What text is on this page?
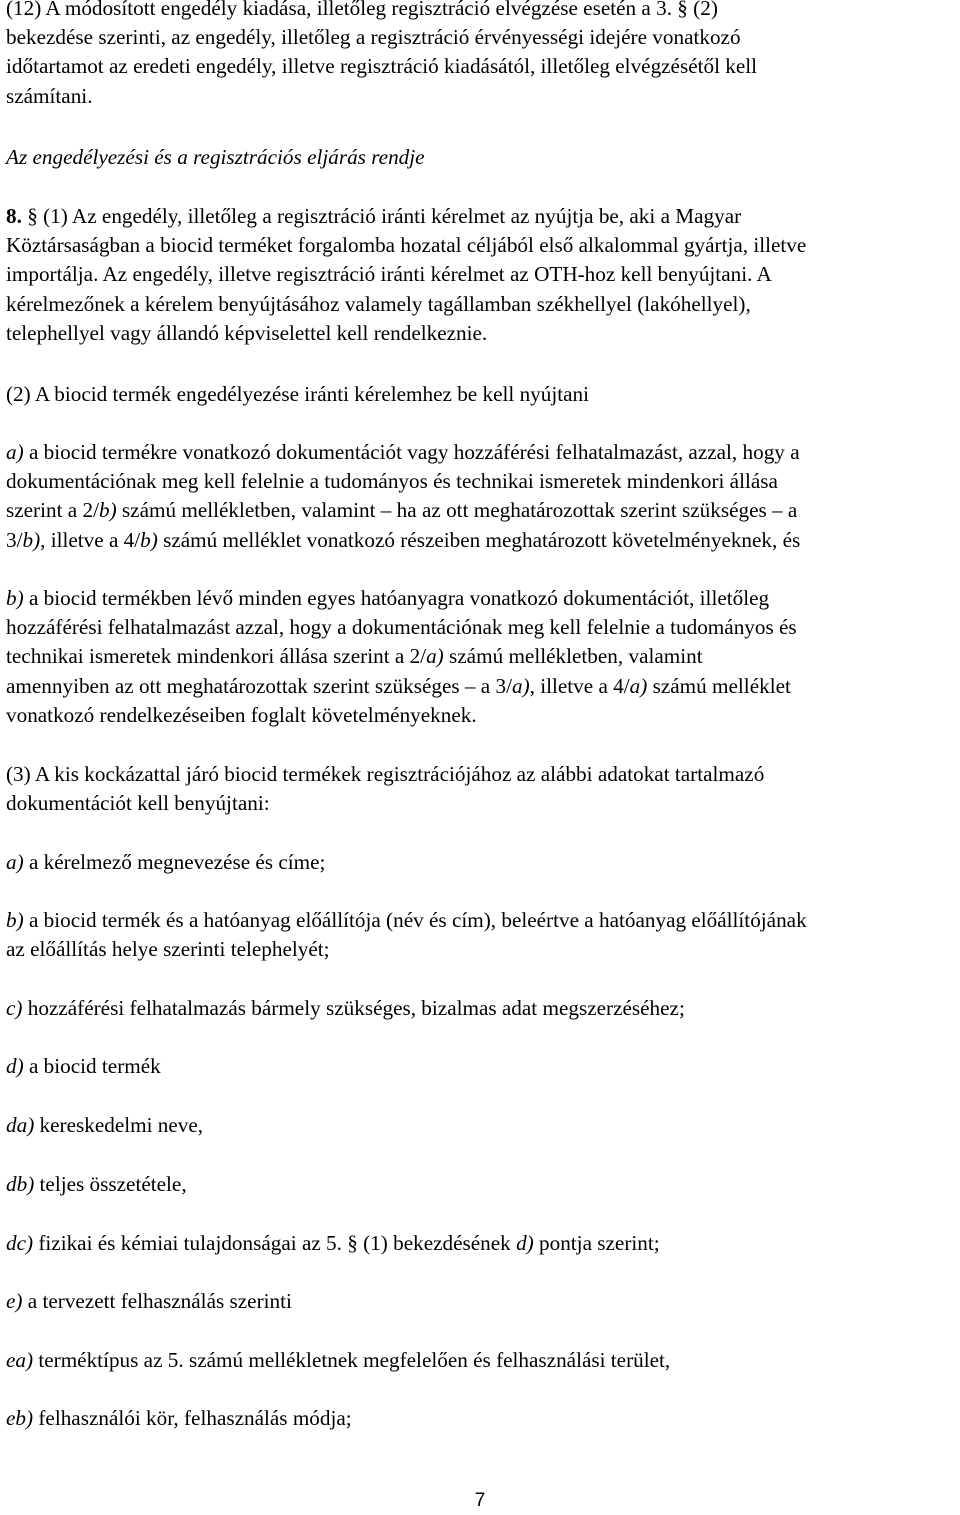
(12) A módosított engedély kiadása, illetőleg regisztráció elvégzése esetén a 3. § (2)

bekezdése szerinti, az engedély, illetőleg a regisztráció érvényességi idejére vonatkozó

időtartamot az eredeti engedély, illetve regisztráció kiadásától, illetőleg elvégzésétől kell

számítani.

Az engedélyezési és a regisztrációs eljárás rendje

8. § (1) Az engedély, illetőleg a regisztráció iránti kérelmet az nyújtja be, aki a Magyar

Köztársaságban a biocid terméket forgalomba hozatal céljából első alkalommal gyártja, illetve

importálja. Az engedély, illetve regisztráció iránti kérelmet az OTH-hoz kell benyújtani. A

kérelmezőnek a kérelem benyújtásához valamely tagállamban székhellyel (lakóhellyel),

telephellyel vagy állandó képviselettel kell rendelkeznie.

(2) A biocid termék engedélyezése iránti kérelemhez be kell nyújtani

a) a biocid termékre vonatkozó dokumentációt vagy hozzáférési felhatalmazást, azzal, hogy a

dokumentációnak meg kell felelnie a tudományos és technikai ismeretek mindenkori állása

szerint a 2/b) számú mellékletben, valamint – ha az ott meghatározottak szerint szükséges – a

3/b), illetve a 4/b) számú melléklet vonatkozó részeiben meghatározott követelményeknek, és

b) a biocid termékben lévő minden egyes hatóanyagra vonatkozó dokumentációt, illetőleg

hozzáférési felhatalmazást azzal, hogy a dokumentációnak meg kell felelnie a tudományos és

technikai ismeretek mindenkori állása szerint a 2/a) számú mellékletben, valamint

amennyiben az ott meghatározottak szerint szükséges – a 3/a), illetve a 4/a) számú melléklet

vonatkozó rendelkezéseiben foglalt követelményeknek.

(3) A kis kockázattal járó biocid termékek regisztrációjához az alábbi adatokat tartalmazó

dokumentációt kell benyújtani:

a) a kérelmező megnevezése és címe;

b) a biocid termék és a hatóanyag előállítója (név és cím), beleértve a hatóanyag előállítójának

az előállítás helye szerinti telephelyét;

c) hozzáférési felhatalmazás bármely szükséges, bizalmas adat megszerzéséhez;

d) a biocid termék

da) kereskedelmi neve,

db) teljes összetétele,

dc) fizikai és kémiai tulajdonságai az 5. § (1) bekezdésének d) pontja szerint;

e) a tervezett felhasználás szerinti

ea) terméktípus az 5. számú mellékletnek megfelelően és felhasználási terület,

eb) felhasználói kör, felhasználás módja;

7
